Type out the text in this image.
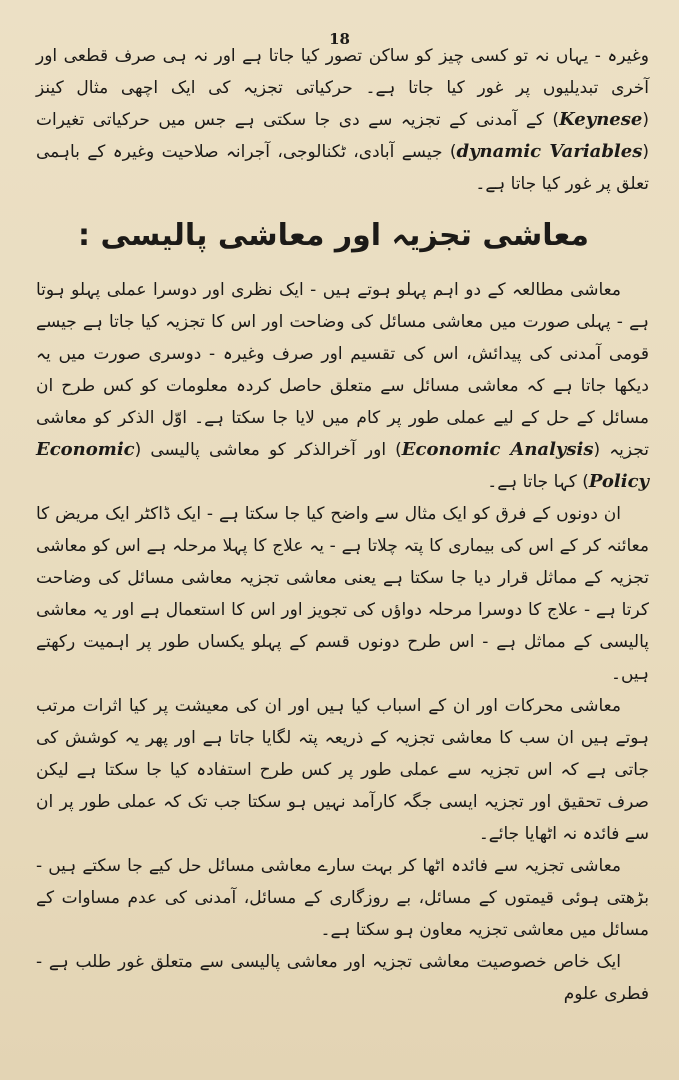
18

وغیرہ - یہاں نہ تو کسی چیز کو ساکن تصور کیا جاتا ہے اور نہ ہی صرف قطعی اور آخری تبدیلیوں پر غور کیا جاتا ہے۔ حرکیاتی تجزیہ کی ایک اچھی مثال کینز (Keynese) کے آمدنی کے تجزیہ سے دی جا سکتی ہے جس میں حرکیاتی تغیرات (dynamic Variables) جیسے آبادی، ٹکنالوجی، آجرانہ صلاحیت وغیرہ کے باہمی تعلق پر غور کیا جاتا ہے۔

معاشی تجزیہ اور معاشی پالیسی :

معاشی مطالعہ کے دو اہم پہلو ہوتے ہیں - ایک نظری اور دوسرا عملی پہلو ہوتا ہے - پہلی صورت میں معاشی مسائل کی وضاحت اور اس کا تجزیہ کیا جاتا ہے جیسے قومی آمدنی کی پیدائش، اس کی تقسیم اور صرف وغیرہ - دوسری صورت میں یہ دیکھا جاتا ہے کہ معاشی مسائل سے متعلق حاصل کردہ معلومات کو کس طرح ان مسائل کے حل کے لیے عملی طور پر کام میں لایا جا سکتا ہے۔ اوّل الذکر کو معاشی تجزیہ (Economic Analysis) اور آخرالذکر کو معاشی پالیسی (Economic Policy) کہا جاتا ہے۔

ان دونوں کے فرق کو ایک مثال سے واضح کیا جا سکتا ہے - ایک ڈاکٹر ایک مریض کا معائنہ کر کے اس کی بیماری کا پتہ چلاتا ہے - یہ علاج کا پہلا مرحلہ ہے اس کو معاشی تجزیہ کے مماثل قرار دیا جا سکتا ہے یعنی معاشی تجزیہ معاشی مسائل کی وضاحت کرتا ہے - علاج کا دوسرا مرحلہ دواؤں کی تجویز اور اس کا استعمال ہے اور یہ معاشی پالیسی کے مماثل ہے - اس طرح دونوں قسم کے پہلو یکساں طور پر اہمیت رکھتے ہیں۔

معاشی محرکات اور ان کے اسباب کیا ہیں اور ان کی معیشت پر کیا اثرات مرتب ہوتے ہیں ان سب کا معاشی تجزیہ کے ذریعہ پتہ لگایا جاتا ہے اور پھر یہ کوشش کی جاتی ہے کہ اس تجزیہ سے عملی طور پر کس طرح استفادہ کیا جا سکتا ہے لیکن صرف تحقیق اور تجزیہ ایسی جگہ کارآمد نہیں ہو سکتا جب تک کہ عملی طور پر ان سے فائدہ نہ اٹھایا جائے۔

معاشی تجزیہ سے فائدہ اٹھا کر بہت سارے معاشی مسائل حل کیے جا سکتے ہیں - بڑھتی ہوئی قیمتوں کے مسائل، بے روزگاری کے مسائل، آمدنی کی عدم مساوات کے مسائل میں معاشی تجزیہ معاون ہو سکتا ہے۔

ایک خاص خصوصیت معاشی تجزیہ اور معاشی پالیسی سے متعلق غور طلب ہے - فطری علوم
